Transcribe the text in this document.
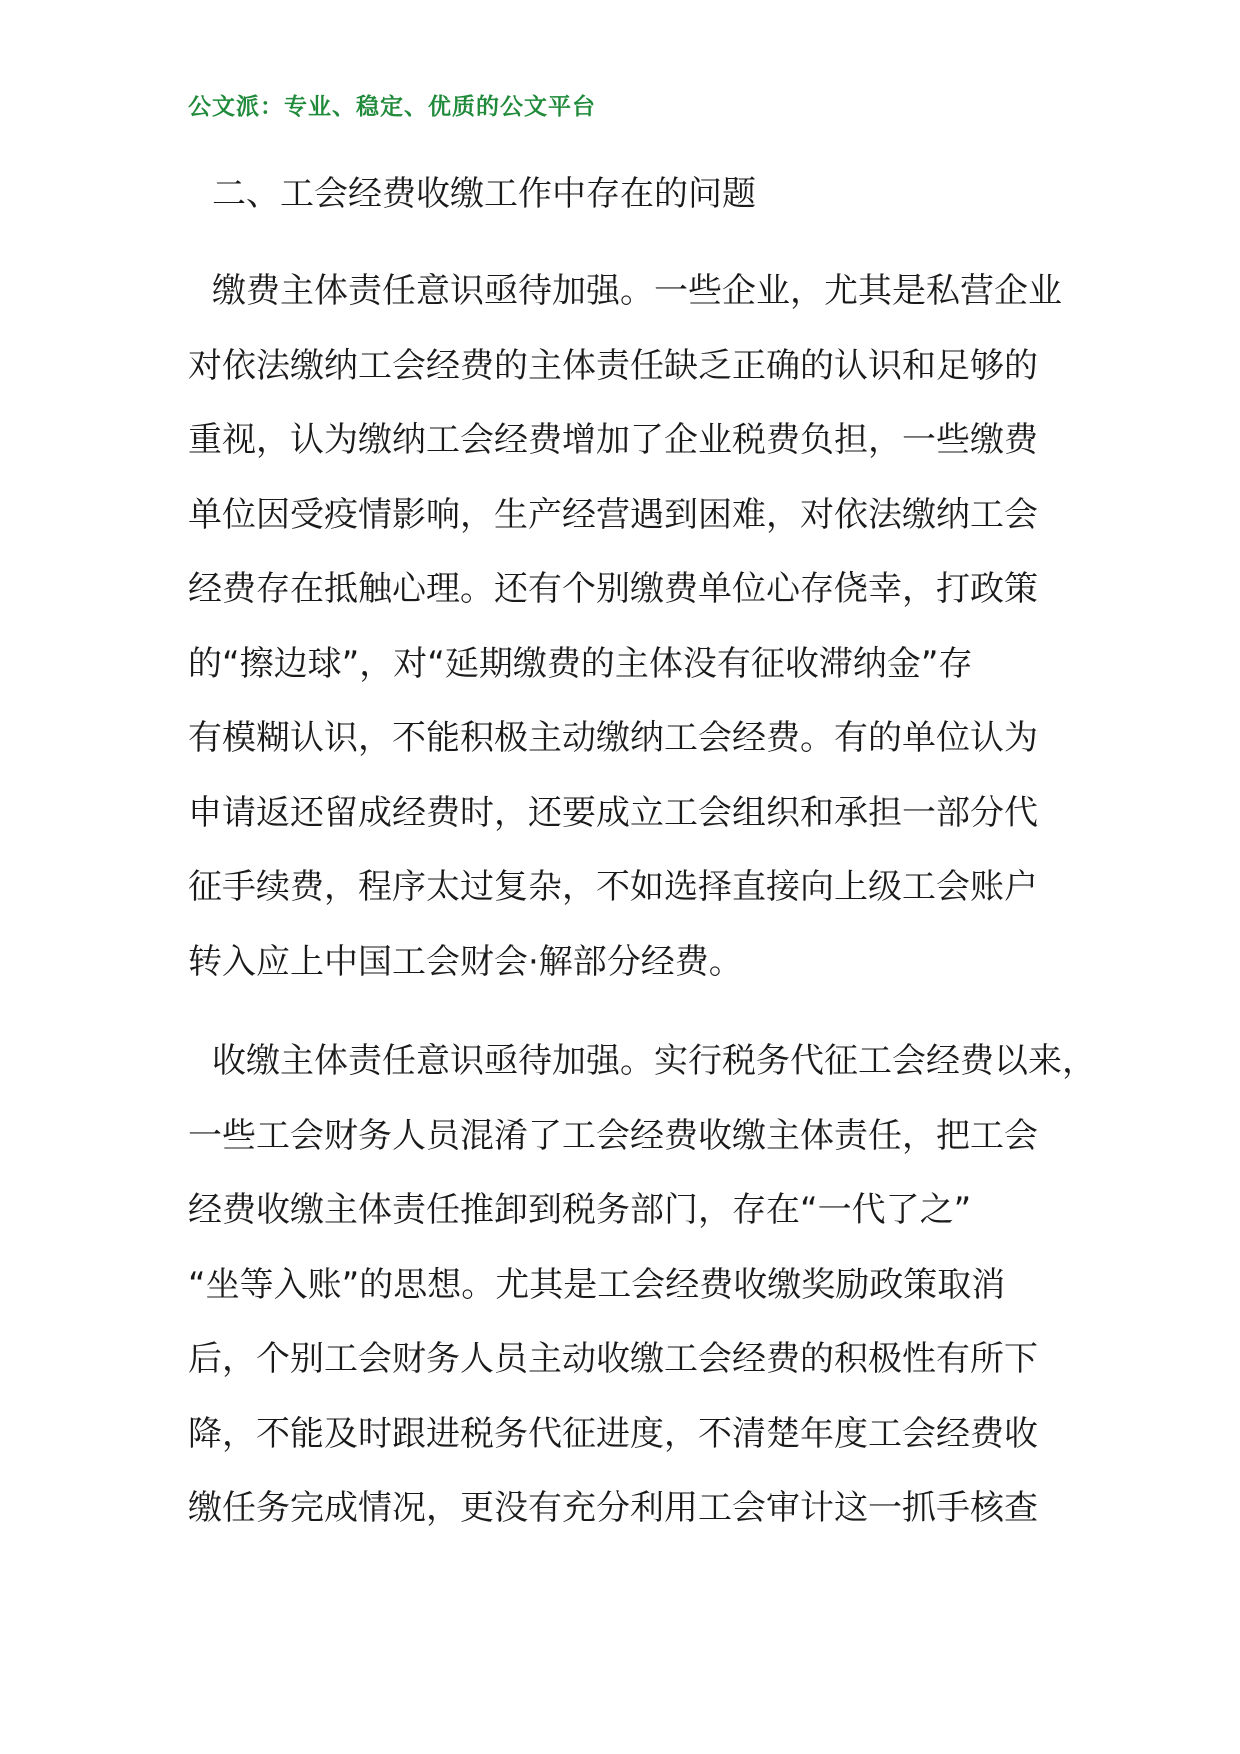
公文派：专业、稳定、优质的公文平台
二、工会经费收缴工作中存在的问题
缴费主体责任意识亟待加强。一些企业，尤其是私营企业
对依法缴纳工会经费的主体责任缺乏正确的认识和足够的
重视，认为缴纳工会经费增加了企业税费负担，一些缴费
单位因受疫情影响，生产经营遇到困难，对依法缴纳工会
经费存在抵触心理。还有个别缴费单位心存侥幸，打政策
的“擦边球”，对“延期缴费的主体没有征收滞纳金”存
有模糊认识，不能积极主动缴纳工会经费。有的单位认为
申请返还留成经费时，还要成立工会组织和承担一部分代
征手续费，程序太过复杂，不如选择直接向上级工会账户
转入应上中国工会财会·解部分经费。
收缴主体责任意识亟待加强。实行税务代征工会经费以来，
一些工会财务人员混淆了工会经费收缴主体责任，把工会
经费收缴主体责任推卸到税务部门，存在“一代了之”
“坐等入账”的思想。尤其是工会经费收缴奖励政策取消
后，个别工会财务人员主动收缴工会经费的积极性有所下
降，不能及时跟进税务代征进度，不清楚年度工会经费收
缴任务完成情况，更没有充分利用工会审计这一抓手核查
